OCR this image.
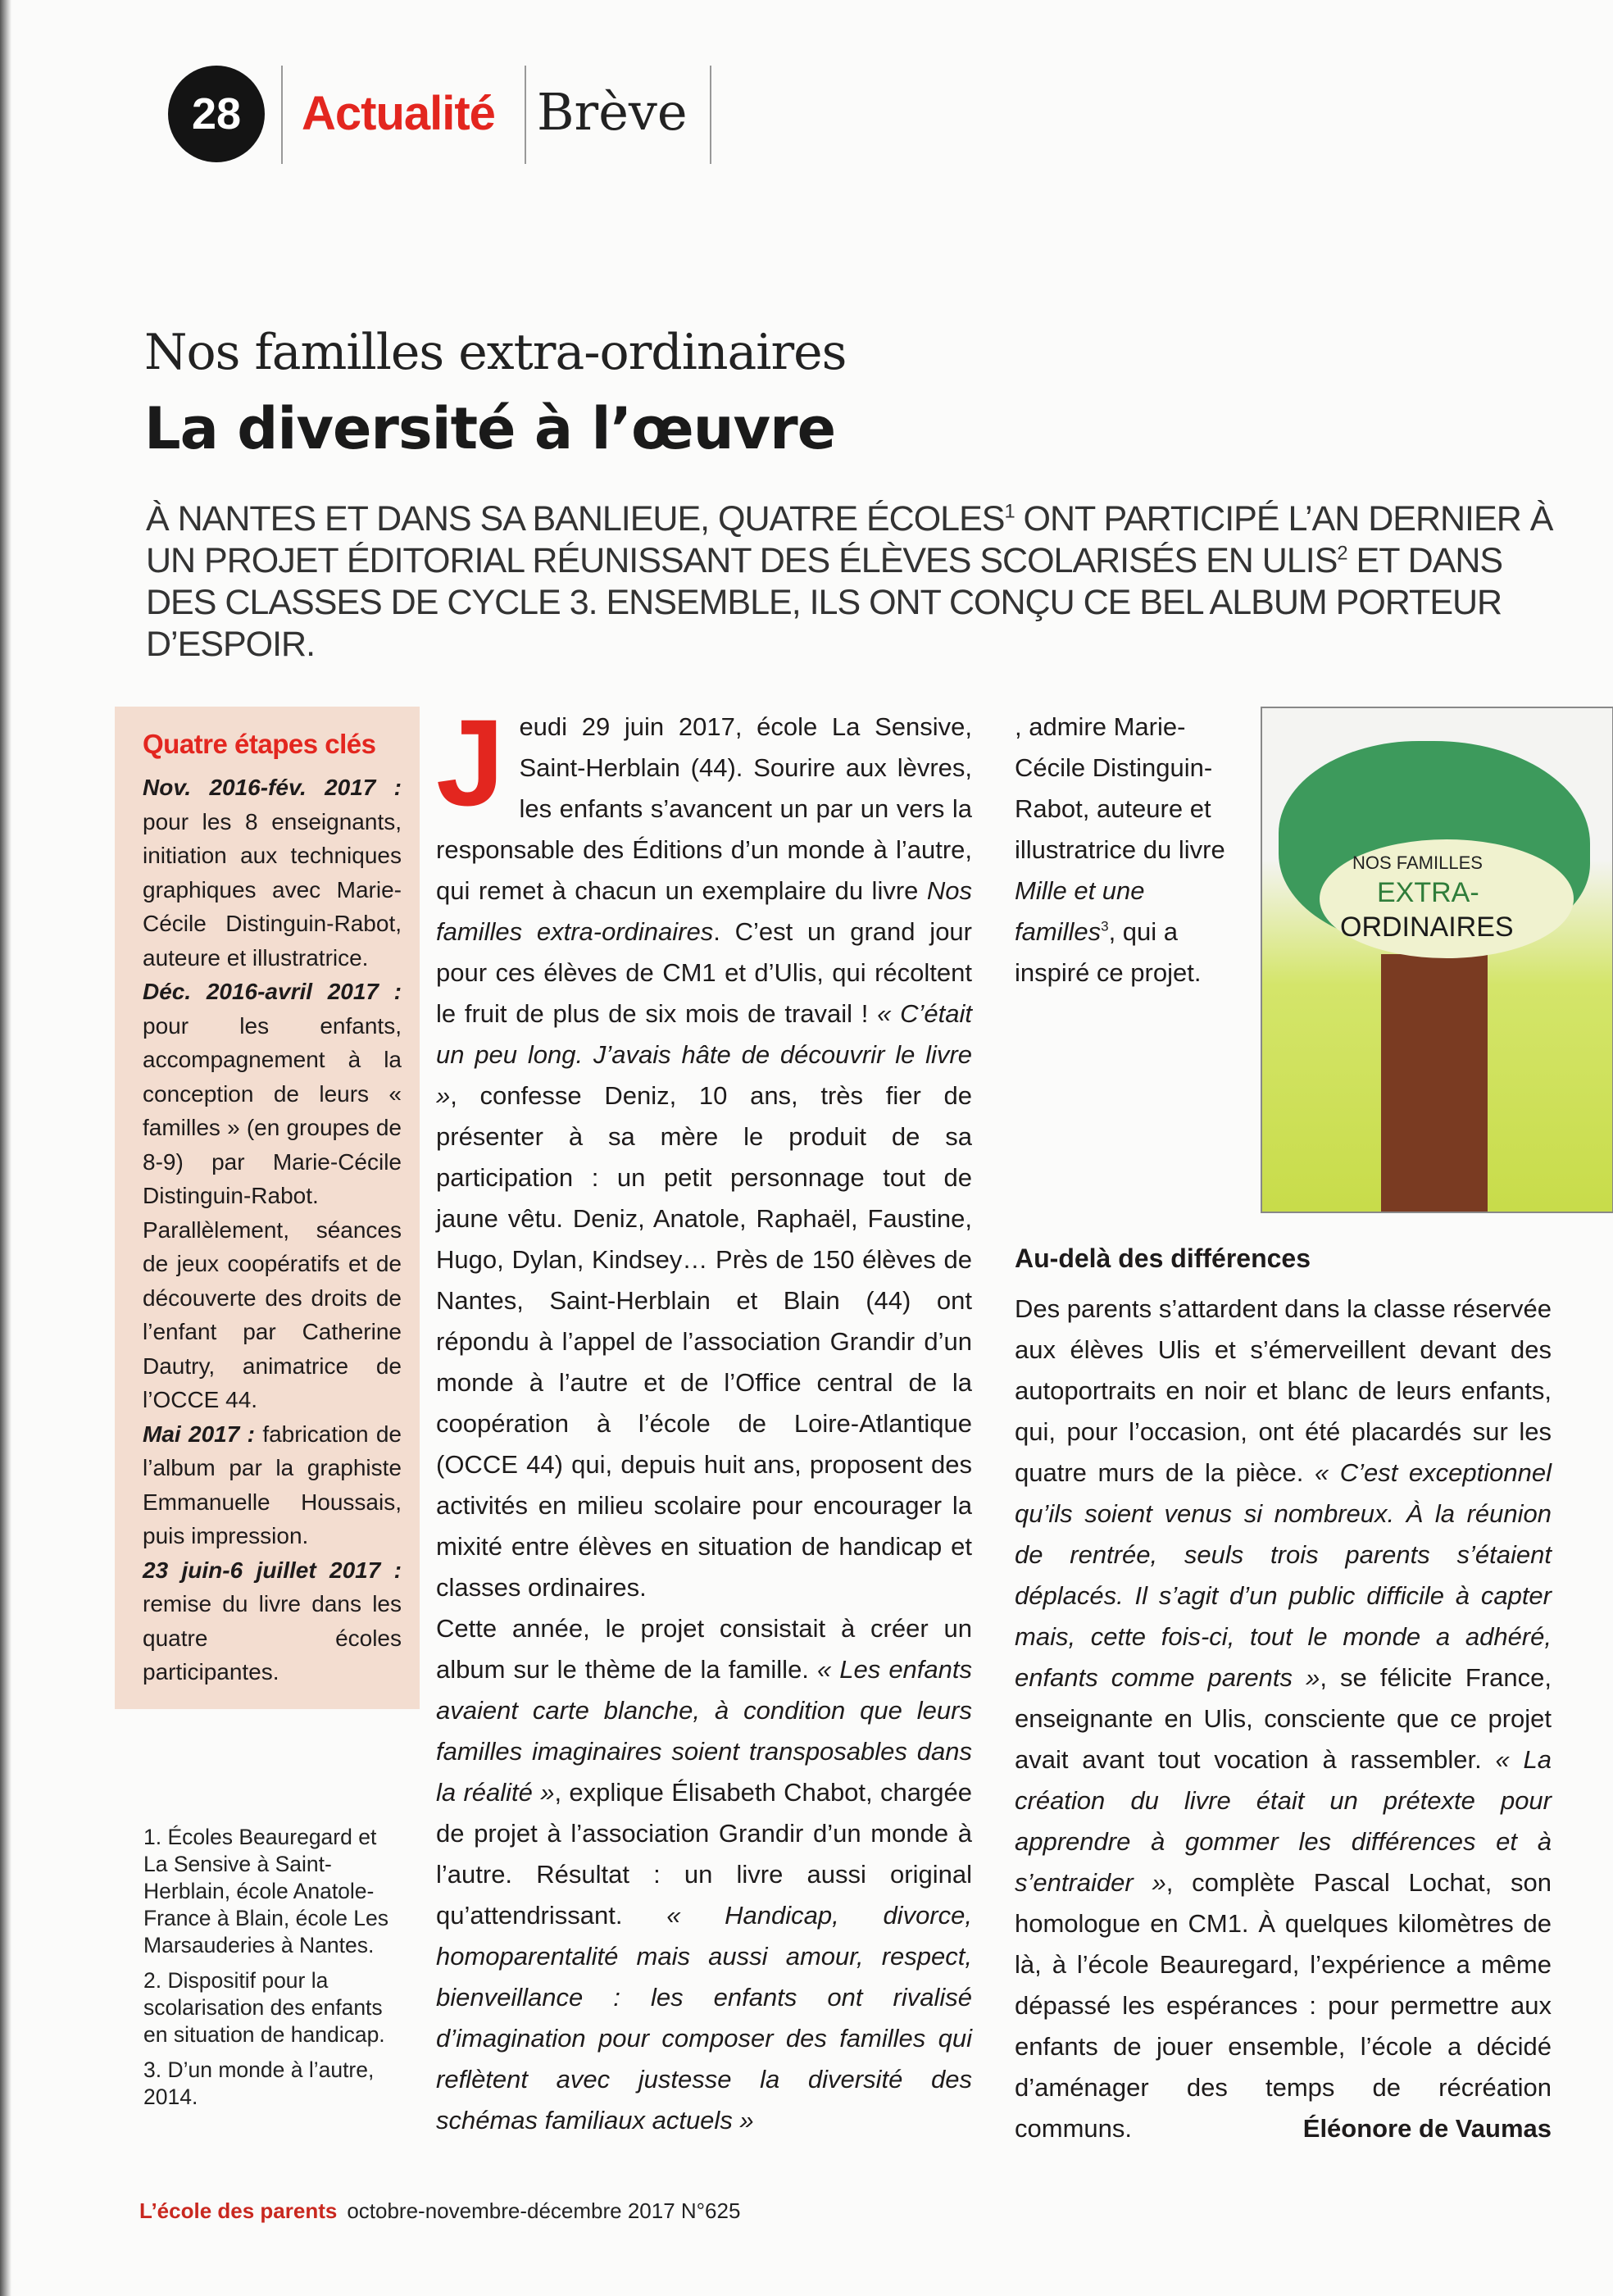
28	Actualité Brève
Nos familles extra-ordinaires
La diversité à l’œuvre
À NANTES ET DANS SA BANLIEUE, QUATRE ÉCOLES$^1$ ONT PARTICIPÉ L’AN DERNIER À UN PROJET ÉDITORIAL RÉUNISSANT DES ÉLÈVES SCOLARISÉS EN ULIS$^2$ ET DANS DES CLASSES DE CYCLE 3. ENSEMBLE, ILS ONT CONÇU CE BEL ALBUM PORTEUR D’ESPOIR.
Quatre étapes clés

Nov. 2016-fév. 2017 : pour les 8 enseignants, initiation aux techniques graphiques avec Marie-Cécile Distinguin-Rabot, auteure et illustratrice.

Déc. 2016-avril 2017 : pour les enfants, accompagnement à la conception de leurs « familles » (en groupes de 8-9) par Marie-Cécile Distinguin-Rabot. Parallèlement, séances de jeux coopératifs et de découverte des droits de l’enfant par Catherine Dautry, animatrice de l’OCCE 44.

Mai 2017 : fabrication de l’album par la graphiste Emmanuelle Houssais, puis impression.

23 juin-6 juillet 2017 : remise du livre dans les quatre écoles participantes.

1. Écoles Beauregard et La Sensive à Saint-Herblain, école Anatole-France à Blain, école Les Marsauderies à Nantes.

2. Dispositif pour la scolarisation des enfants en situation de handicap.

3. D’un monde à l’autre, 2014.

Jeudi 29 juin 2017, école La Sensive, Saint-Herblain (44). Sourire aux lèvres, les enfants s’avancent un par un vers la responsable des Éditions d’un monde à l’autre, qui remet à chacun un exemplaire du livre Nos familles extra-ordinaires. C’est un grand jour pour ces élèves de CM1 et d’Ulis, qui récoltent le fruit de plus de six mois de travail ! « C’était un peu long. J’avais hâte de découvrir le livre », confesse Deniz, 10 ans, très fier de présenter à sa mère le produit de sa participation : un petit personnage tout de jaune vêtu. Deniz, Anatole, Raphaël, Faustine, Hugo, Dylan, Kindsey… Près de 150 élèves de Nantes, Saint-Herblain et Blain (44) ont répondu à l’appel de l’association Grandir d’un monde à l’autre et de l’Office central de la coopération à l’école de Loire-Atlantique (OCCE 44) qui, depuis huit ans, proposent des activités en milieu scolaire pour encourager la mixité entre élèves en situation de handicap et classes ordinaires.

Cette année, le projet consistait à créer un album sur le thème de la famille. « Les enfants avaient carte blanche, à condition que leurs familles imaginaires soient transposables dans la réalité », explique Élisabeth Chabot, chargée de projet à l’association Grandir d’un monde à l’autre. Résultat : un livre aussi original qu’attendrissant. « Handicap, divorce, homoparentalité mais aussi amour, respect, bienveillance : les enfants ont rivalisé d’imagination pour composer des familles qui reflètent avec justesse la diversité des schémas familiaux actuels »

, admire Marie-Cécile Distinguin-Rabot, auteure et illustratrice du livre Mille et une familles$^3$, qui a inspiré ce projet.

NOS FAMILLES
EXTRA-
ORDINAIRES
Au-delà des différences

Des parents s’attardent dans la classe réservée aux élèves Ulis et s’émerveillent devant des autoportraits en noir et blanc de leurs enfants, qui, pour l’occasion, ont été placardés sur les quatre murs de la pièce. « C’est exceptionnel qu’ils soient venus si nombreux. À la réunion de rentrée, seuls trois parents s’étaient déplacés. Il s’agit d’un public difficile à capter mais, cette fois-ci, tout le monde a adhéré, enfants comme parents », se félicite France, enseignante en Ulis, consciente que ce projet avait avant tout vocation à rassembler. « La création du livre était un prétexte pour apprendre à gommer les différences et à s’entraider », complète Pascal Lochat, son homologue en CM1. À quelques kilomètres de là, à l’école Beauregard, l’expérience a même dépassé les espérances : pour permettre aux enfants de jouer ensemble, l’école a décidé d’aménager des temps de récréation communs.	Éléonore de Vaumas

L’école des parents octobre-novembre-décembre 2017 N°625
